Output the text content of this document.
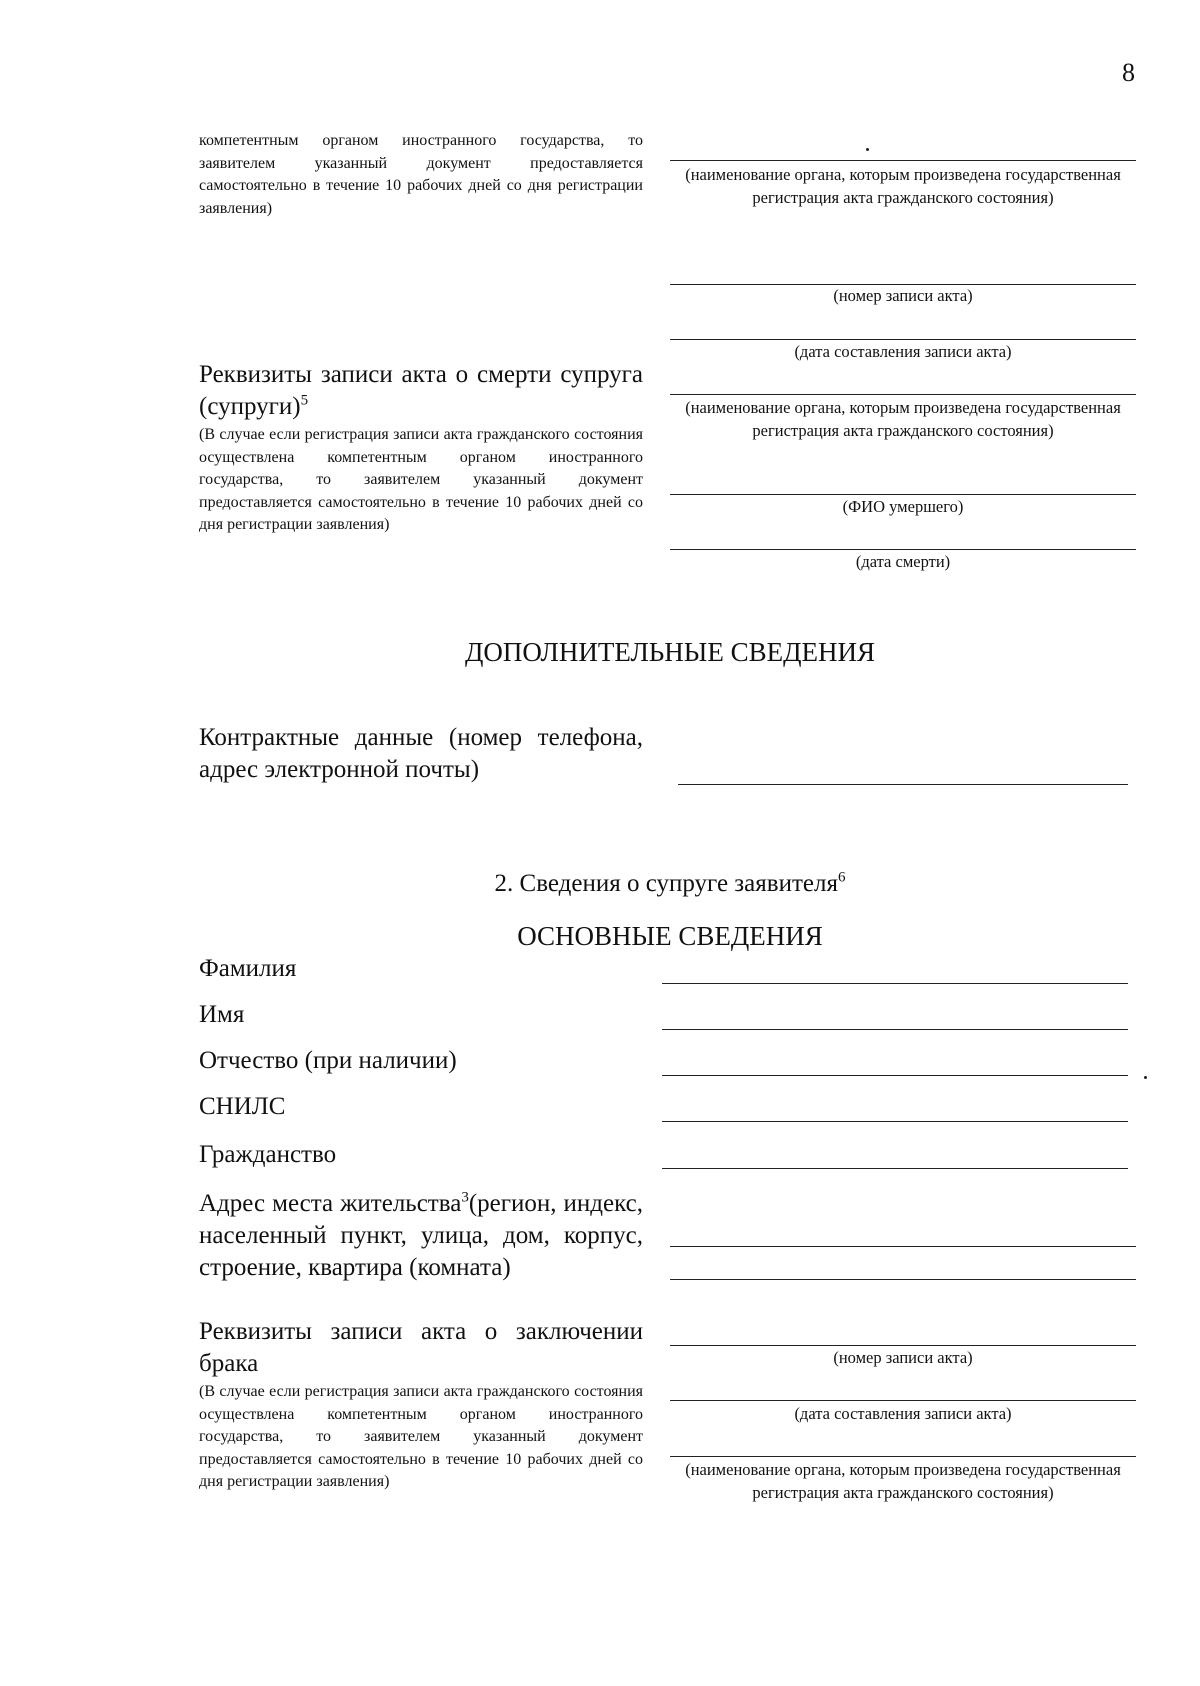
8
компетентным органом иностранного государства, то заявителем указанный документ предоставляется самостоятельно в течение 10 рабочих дней со дня регистрации заявления)
(наименование органа, которым произведена государственная регистрация акта гражданского состояния)
(номер записи акта)
(дата составления записи акта)
Реквизиты записи акта о смерти супруга (супруги)$^5$
(В случае если регистрация записи акта гражданского состояния осуществлена компетентным органом иностранного государства, то заявителем указанный документ предоставляется самостоятельно в течение 10 рабочих дней со дня регистрации заявления)
(наименование органа, которым произведена государственная регистрация акта гражданского состояния)
(ФИО умершего)
(дата смерти)
ДОПОЛНИТЕЛЬНЫЕ СВЕДЕНИЯ
Контрактные данные (номер телефона, адрес электронной почты)
2. Сведения о супруге заявителя$^6$
ОСНОВНЫЕ СВЕДЕНИЯ
Фамилия
Имя
Отчество (при наличии)
СНИЛС
Гражданство
Адрес места жительства$^3$(регион, индекс, населенный пункт, улица, дом, корпус, строение, квартира (комната)
Реквизиты записи акта о заключении брака
(В случае если регистрация записи акта гражданского состояния осуществлена компетентным органом иностранного государства, то заявителем указанный документ предоставляется самостоятельно в течение 10 рабочих дней со дня регистрации заявления)
(номер записи акта)
(дата составления записи акта)
(наименование органа, которым произведена государственная регистрация акта гражданского состояния)
